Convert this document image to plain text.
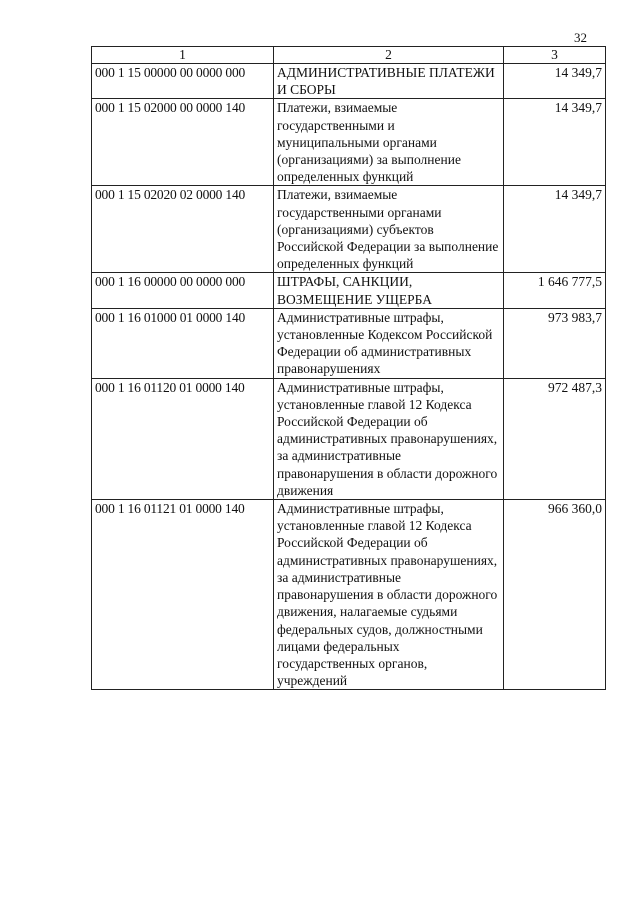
32
1	2	3
000 1 15 00000 00 0000 000	АДМИНИСТРАТИВНЫЕ ПЛАТЕЖИ И СБОРЫ	14 349,7
000 1 15 02000 00 0000 140	Платежи, взимаемые государственными и муниципальными органами (организациями) за выполнение определенных функций	14 349,7
000 1 15 02020 02 0000 140	Платежи, взимаемые государственными органами (организациями) субъектов Российской Федерации за выполнение определенных функций	14 349,7
000 1 16 00000 00 0000 000	ШТРАФЫ, САНКЦИИ, ВОЗМЕЩЕНИЕ УЩЕРБА	1 646 777,5
000 1 16 01000 01 0000 140	Административные штрафы, установленные Кодексом Российской Федерации об административных правонарушениях	973 983,7
000 1 16 01120 01 0000 140	Административные штрафы, установленные главой 12 Кодекса Российской Федерации об административных правонарушениях, за административные правонарушения в области дорожного движения	972 487,3
000 1 16 01121 01 0000 140	Административные штрафы, установленные главой 12 Кодекса Российской Федерации об административных правонарушениях, за административные правонарушения в области дорожного движения, налагаемые судьями федеральных судов, должностными лицами федеральных государственных органов, учреждений	966 360,0
